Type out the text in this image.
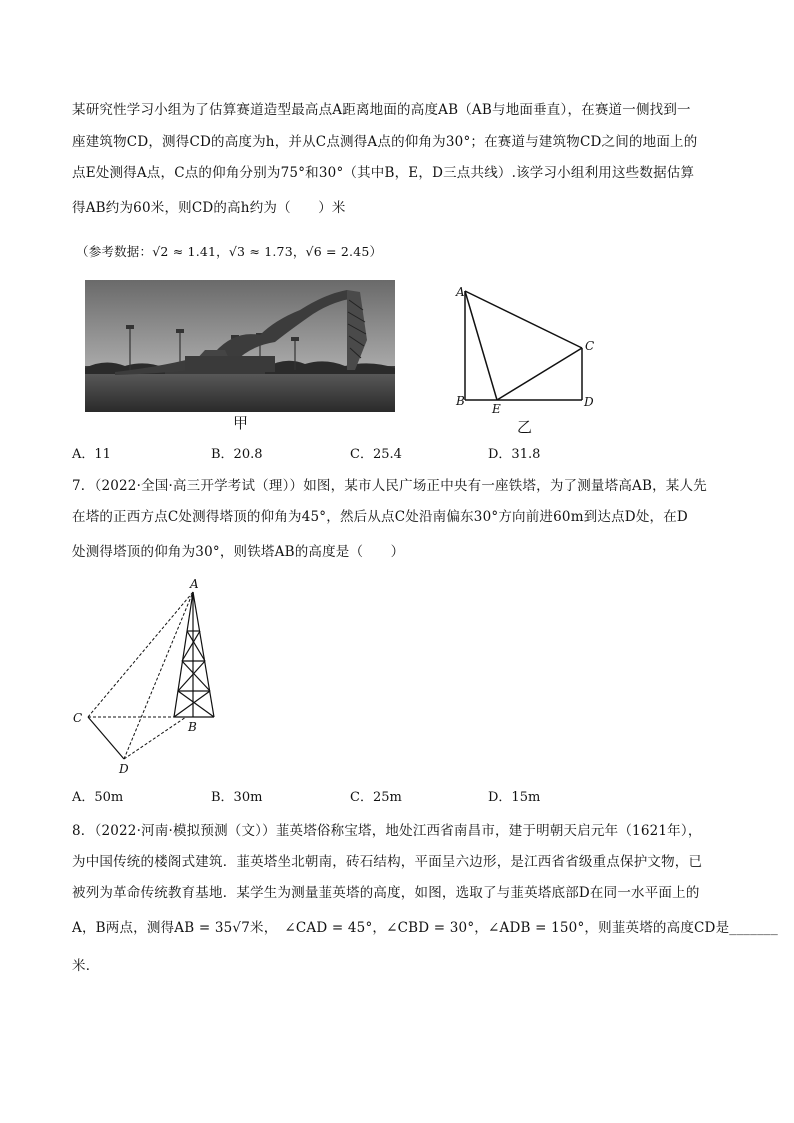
某研究性学习小组为了估算赛道造型最高点A距离地面的高度AB（AB与地面垂直），在赛道一侧找到一
座建筑物CD，测得CD的高度为h，并从C点测得A点的仰角为30°；在赛道与建筑物CD之间的地面上的
点E处测得A点，C点的仰角分别为75°和30°（其中B，E，D三点共线）.该学习小组利用这些数据估算
得AB约为60米，则CD的高h约为（　　）米
（参考数据：√2 ≈ 1.41，√3 ≈ 1.73，√6 = 2.45）
甲
A
B
C
D
E
乙
A．11	B．20.8	C．25.4	D．31.8
7．（2022·全国·高三开学考试（理））如图，某市人民广场正中央有一座铁塔，为了测量塔高AB，某人先
在塔的正西方点C处测得塔顶的仰角为45°，然后从点C处沿南偏东30°方向前进60m到达点D处，在D
处测得塔顶的仰角为30°，则铁塔AB的高度是（　　）
A
B
C
D
A．50m	B．30m	C．25m	D．15m
8．（2022·河南·模拟预测（文））韮英塔俗称宝塔，地处江西省南昌市，建于明朝天启元年（1621年），
为中国传统的楼阁式建筑．韮英塔坐北朝南，砖石结构，平面呈六边形，是江西省省级重点保护文物，已
被列为革命传统教育基地．某学生为测量韮英塔的高度，如图，选取了与韮英塔底部D在同一水平面上的
A，B两点，测得AB = 35√7米，　∠CAD = 45°，∠CBD = 30°，∠ADB = 150°，则韮英塔的高度CD是_______
米．
